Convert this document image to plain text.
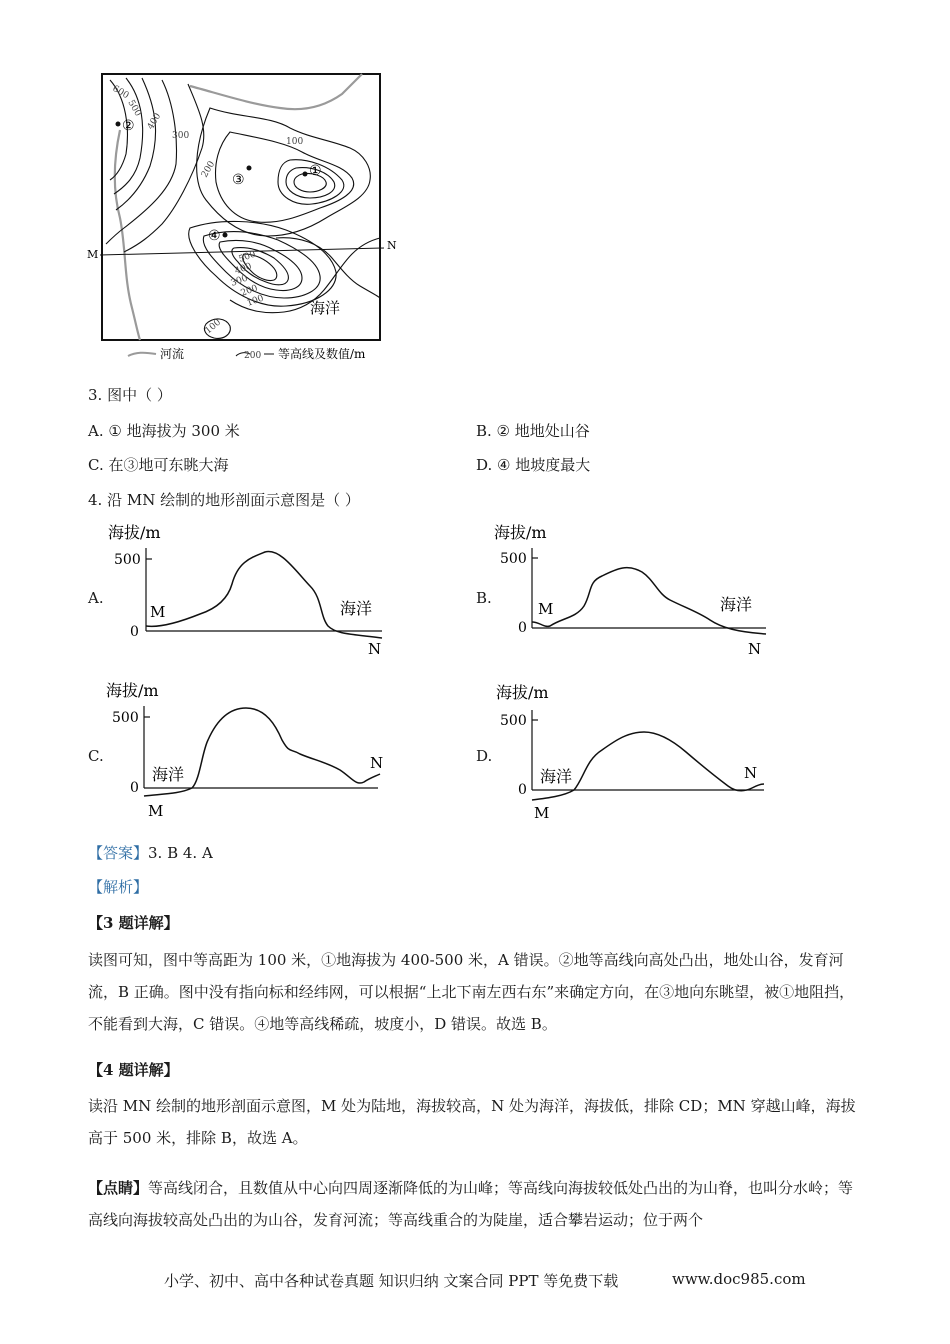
M
N
海洋
①
②
③
④
600
500
400
300
200
100
500
400
300
200
100
100
河流	200 等高线及数值/m
3. 图中（ ）
A. ① 地海拔为 300 米	B. ② 地地处山谷
C. 在③地可东眺大海	D. ④ 地坡度最大
4. 沿 MN 绘制的地形剖面示意图是（ ）
A.	B.
C.	D.
海拔/m
500
0
M
N
海洋
海拔/m
500
0
M
N
海洋
海拔/m
500
0
M
N
海洋
海拔/m
500
0
M
N
海洋
【答案】3. B 4. A
【解析】
【3 题详解】
读图可知，图中等高距为 100 米，①地海拔为 400-500 米，A 错误。②地等高线向高处凸出，地处山谷，发育河流，B 正确。图中没有指向标和经纬网，可以根据“上北下南左西右东”来确定方向，在③地向东眺望，被①地阻挡，不能看到大海，C 错误。④地等高线稀疏，坡度小，D 错误。故选 B。
【4 题详解】
读沿 MN 绘制的地形剖面示意图，M 处为陆地，海拔较高，N 处为海洋，海拔低，排除 CD；MN 穿越山峰，海拔高于 500 米，排除 B，故选 A。
【点睛】等高线闭合，且数值从中心向四周逐渐降低的为山峰；等高线向海拔较低处凸出的为山脊，也叫分水岭；等高线向海拔较高处凸出的为山谷，发育河流；等高线重合的为陡崖，适合攀岩运动；位于两个
小学、初中、高中各种试卷真题 知识归纳 文案合同 PPT 等免费下载	www.doc985.com
